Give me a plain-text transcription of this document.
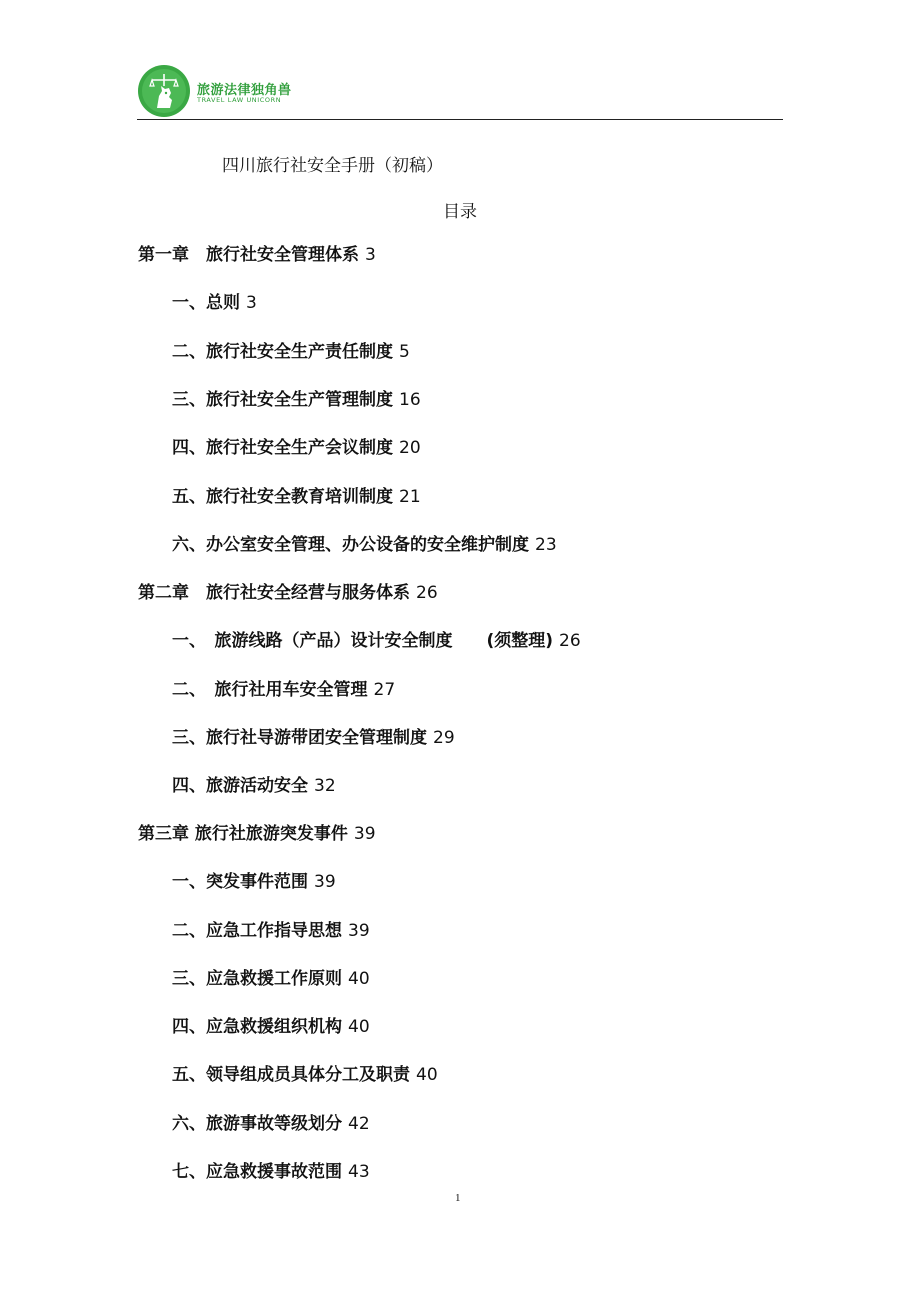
旅游法律独角兽
TRAVEL LAW UNICORN
四川旅行社安全手册（初稿）
目录
第一章　旅行社安全管理体系 3
一、总则 3
二、旅行社安全生产责任制度 5
三、旅行社安全生产管理制度 16
四、旅行社安全生产会议制度 20
五、旅行社安全教育培训制度 21
六、办公室安全管理、办公设备的安全维护制度 23
第二章　旅行社安全经营与服务体系 26
一、　旅游线路（产品）设计安全制度　　(须整理) 26
二、　旅行社用车安全管理 27
三、旅行社导游带团安全管理制度 29
四、旅游活动安全 32
第三章 旅行社旅游突发事件 39
一、突发事件范围 39
二、应急工作指导思想 39
三、应急救援工作原则 40
四、应急救援组织机构 40
五、领导组成员具体分工及职责 40
六、旅游事故等级划分 42
七、应急救援事故范围 43
1
